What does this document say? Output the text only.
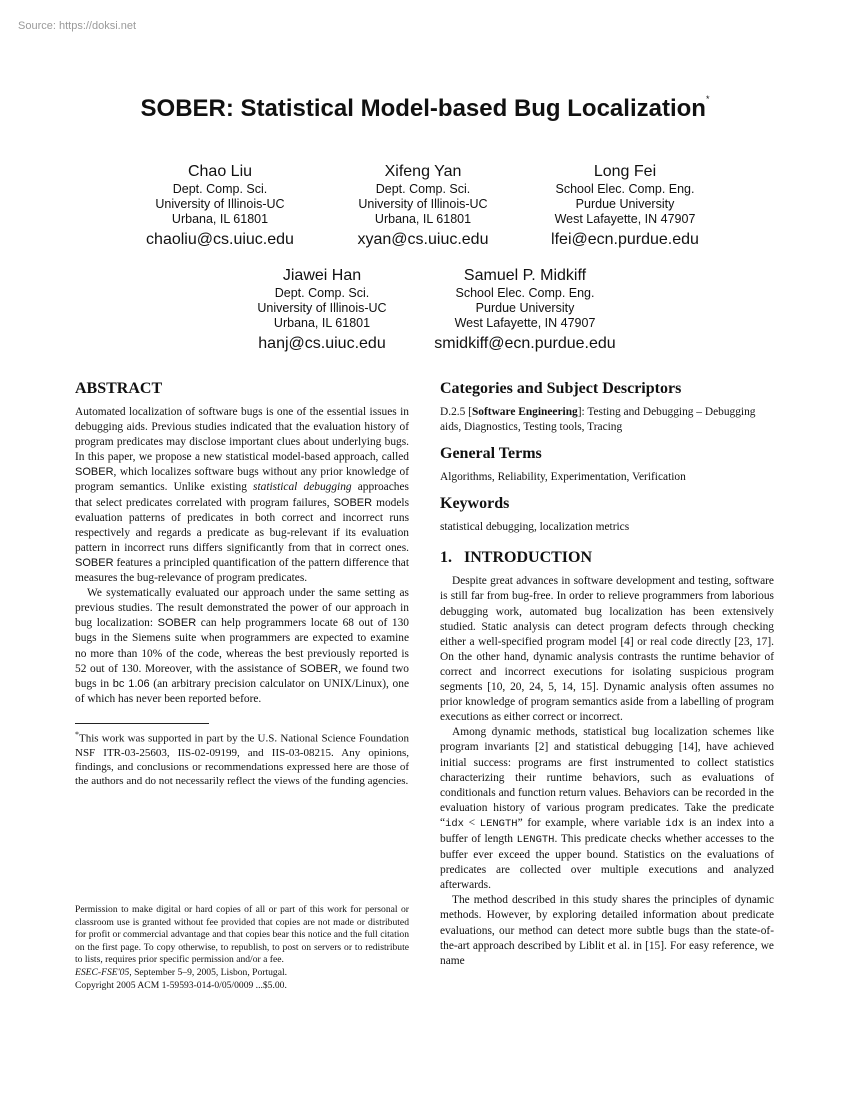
Source: https://doksi.net
SOBER: Statistical Model-based Bug Localization*
Chao Liu
Dept. Comp. Sci.
University of Illinois-UC
Urbana, IL 61801
chaoliu@cs.uiuc.edu
Xifeng Yan
Dept. Comp. Sci.
University of Illinois-UC
Urbana, IL 61801
xyan@cs.uiuc.edu
Long Fei
School Elec. Comp. Eng.
Purdue University
West Lafayette, IN 47907
lfei@ecn.purdue.edu
Jiawei Han
Dept. Comp. Sci.
University of Illinois-UC
Urbana, IL 61801
hanj@cs.uiuc.edu
Samuel P. Midkiff
School Elec. Comp. Eng.
Purdue University
West Lafayette, IN 47907
smidkiff@ecn.purdue.edu
ABSTRACT

Automated localization of software bugs is one of the essential issues in debugging aids. Previous studies indicated that the evaluation history of program predicates may disclose important clues about underlying bugs. In this paper, we propose a new statistical model-based approach, called SOBER, which localizes software bugs without any prior knowledge of program semantics. Unlike existing statistical debugging approaches that select predicates correlated with program failures, SOBER models evaluation patterns of predicates in both correct and incorrect runs respectively and regards a predicate as bug-relevant if its evaluation pattern in incorrect runs differs significantly from that in correct ones. SOBER features a principled quantification of the pattern difference that measures the bug-relevance of program predicates.

We systematically evaluated our approach under the same setting as previous studies. The result demonstrated the power of our approach in bug localization: SOBER can help programmers locate 68 out of 130 bugs in the Siemens suite when programmers are expected to examine no more than 10% of the code, whereas the best previously reported is 52 out of 130. Moreover, with the assistance of SOBER, we found two bugs in bc 1.06 (an arbitrary precision calculator on UNIX/Linux), one of which has never been reported before.

*This work was supported in part by the U.S. National Science Foundation NSF ITR-03-25603, IIS-02-09199, and IIS-03-08215. Any opinions, findings, and conclusions or recommendations expressed here are those of the authors and do not necessarily reflect the views of the funding agencies.
Permission to make digital or hard copies of all or part of this work for personal or classroom use is granted without fee provided that copies are not made or distributed for profit or commercial advantage and that copies bear this notice and the full citation on the first page. To copy otherwise, to republish, to post on servers or to redistribute to lists, requires prior specific permission and/or a fee.
ESEC-FSE'05, September 5–9, 2005, Lisbon, Portugal.
Copyright 2005 ACM 1-59593-014-0/05/0009 ...$5.00.
Categories and Subject Descriptors

D.2.5 [Software Engineering]: Testing and Debugging – Debugging aids, Diagnostics, Testing tools, Tracing

General Terms

Algorithms, Reliability, Experimentation, Verification

Keywords

statistical debugging, localization metrics

1.   INTRODUCTION

Despite great advances in software development and testing, software is still far from bug-free. In order to relieve programmers from laborious debugging work, automated bug localization has been extensively studied. Static analysis can detect program defects through checking either a well-specified program model [4] or real code directly [23, 17]. On the other hand, dynamic analysis contrasts the runtime behavior of correct and incorrect executions for isolating suspicious program segments [10, 20, 24, 5, 14, 15]. Dynamic analysis often assumes no prior knowledge of program semantics aside from a labelling of program executions as either correct or incorrect.

Among dynamic methods, statistical bug localization schemes like program invariants [2] and statistical debugging [14], have achieved initial success: programs are first instrumented to collect statistics characterizing their runtime behaviors, such as evaluations of conditionals and function return values. Behaviors can be recorded in the evaluation history of various program predicates. Take the predicate “idx < LENGTH” for example, where variable idx is an index into a buffer of length LENGTH. This predicate checks whether accesses to the buffer ever exceed the upper bound. Statistics on the evaluations of predicates are collected over multiple executions and analyzed afterwards.

The method described in this study shares the principles of dynamic methods. However, by exploring detailed information about predicate evaluations, our method can detect more subtle bugs than the state-of-the-art approach described by Liblit et al. in [15]. For easy reference, we name
